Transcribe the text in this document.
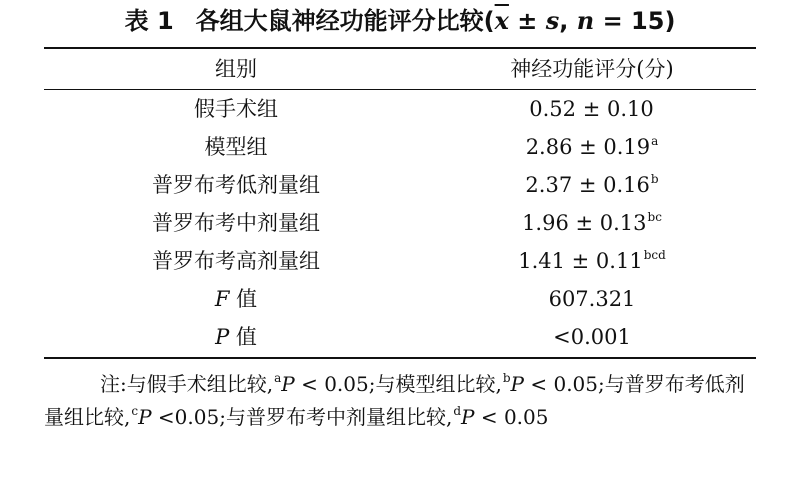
表 1 各组大鼠神经功能评分比较($\overline{x} \pm s$, n = 15)
组别	神经功能评分(分)
假手术组	0.52 ± 0.10
模型组	2.86 ± 0.19$^a$
普罗布考低剂量组	2.37 ± 0.16$^b$
普罗布考中剂量组	1.96 ± 0.13$^{bc}$
普罗布考高剂量组	1.41 ± 0.11$^{bcd}$
F 值	607.321
P 值	<0.001
注:与假手术组比较,$^a$P < 0.05;与模型组比较,$^b$P < 0.05;与普罗布考低剂量组比较,$^c$P <0.05;与普罗布考中剂量组比较,$^d$P < 0.05
